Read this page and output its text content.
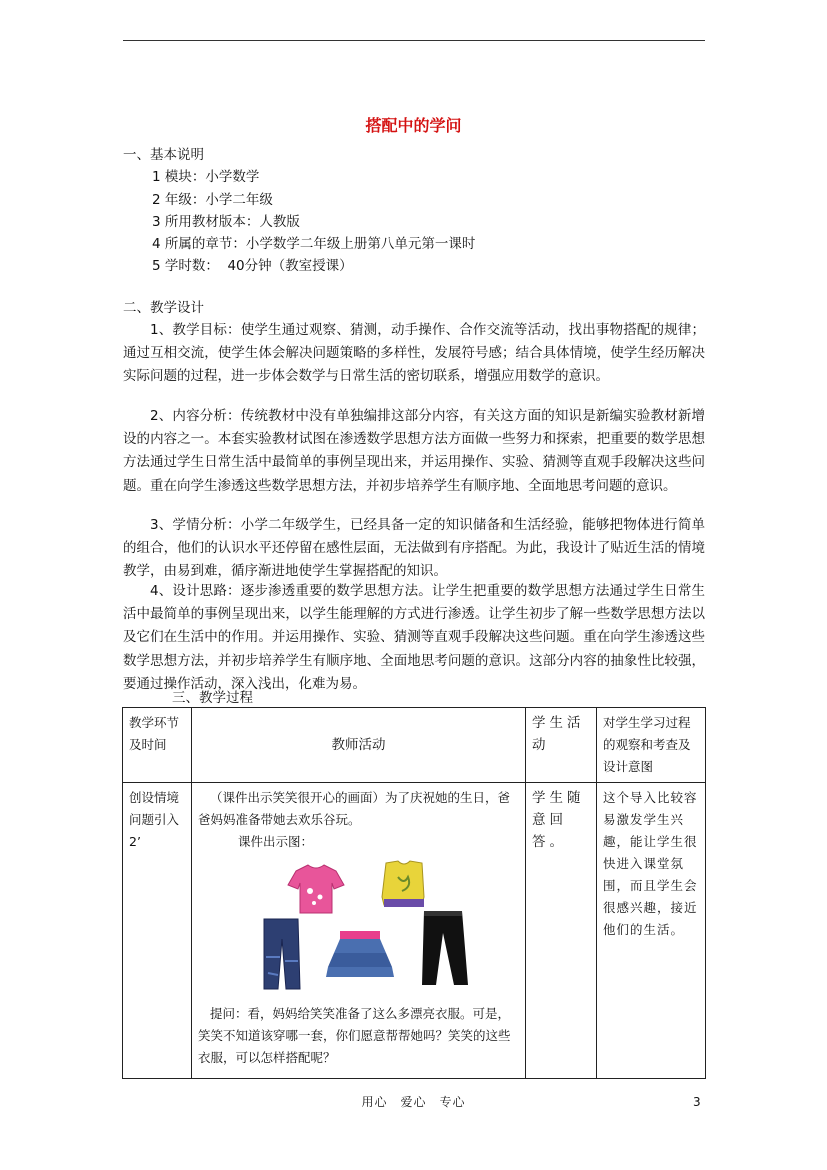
搭配中的学问
一、基本说明
1 模块：小学数学
2 年级：小学二年级
3 所用教材版本：人教版
4 所属的章节：小学数学二年级上册第八单元第一课时
5 学时数：  40分钟（教室授课）
二、教学设计
1、教学目标：使学生通过观察、猜测，动手操作、合作交流等活动，找出事物搭配的规律；通过互相交流，使学生体会解决问题策略的多样性，发展符号感；结合具体情境，使学生经历解决实际问题的过程，进一步体会数学与日常生活的密切联系，增强应用数学的意识。
2、内容分析：传统教材中没有单独编排这部分内容，有关这方面的知识是新编实验教材新增设的内容之一。本套实验教材试图在渗透数学思想方法方面做一些努力和探索，把重要的数学思想方法通过学生日常生活中最简单的事例呈现出来，并运用操作、实验、猜测等直观手段解决这些问题。重在向学生渗透这些数学思想方法，并初步培养学生有顺序地、全面地思考问题的意识。
3、学情分析：小学二年级学生，已经具备一定的知识储备和生活经验，能够把物体进行简单的组合，他们的认识水平还停留在感性层面，无法做到有序搭配。为此，我设计了贴近生活的情境教学，由易到难，循序渐进地使学生掌握搭配的知识。
4、设计思路：逐步渗透重要的数学思想方法。让学生把重要的数学思想方法通过学生日常生活中最简单的事例呈现出来，以学生能理解的方式进行渗透。让学生初步了解一些数学思想方法以及它们在生活中的作用。并运用操作、实验、猜测等直观手段解决这些问题。重在向学生渗透这些数学思想方法，并初步培养学生有顺序地、全面地思考问题的意识。这部分内容的抽象性比较强，要通过操作活动，深入浅出，化难为易。
三、教学过程
教学环节及时间	教师活动	学生活动	对学生学习过程的观察和考查及设计意图
创设情境问题引入2’	（课件出示笑笑很开心的画面）为了庆祝她的生日，爸爸妈妈准备带她去欢乐谷玩。
课件出示图：
提问：看，妈妈给笑笑准备了这么多漂亮衣服。可是，笑笑不知道该穿哪一套，你们愿意帮帮她吗？笑笑的这些衣服，可以怎样搭配呢？	学生随意回答。	这个导入比较容易激发学生兴趣，能让学生很快进入课堂氛围，而且学生会很感兴趣，接近他们的生活。
用心　爱心　专心	3
